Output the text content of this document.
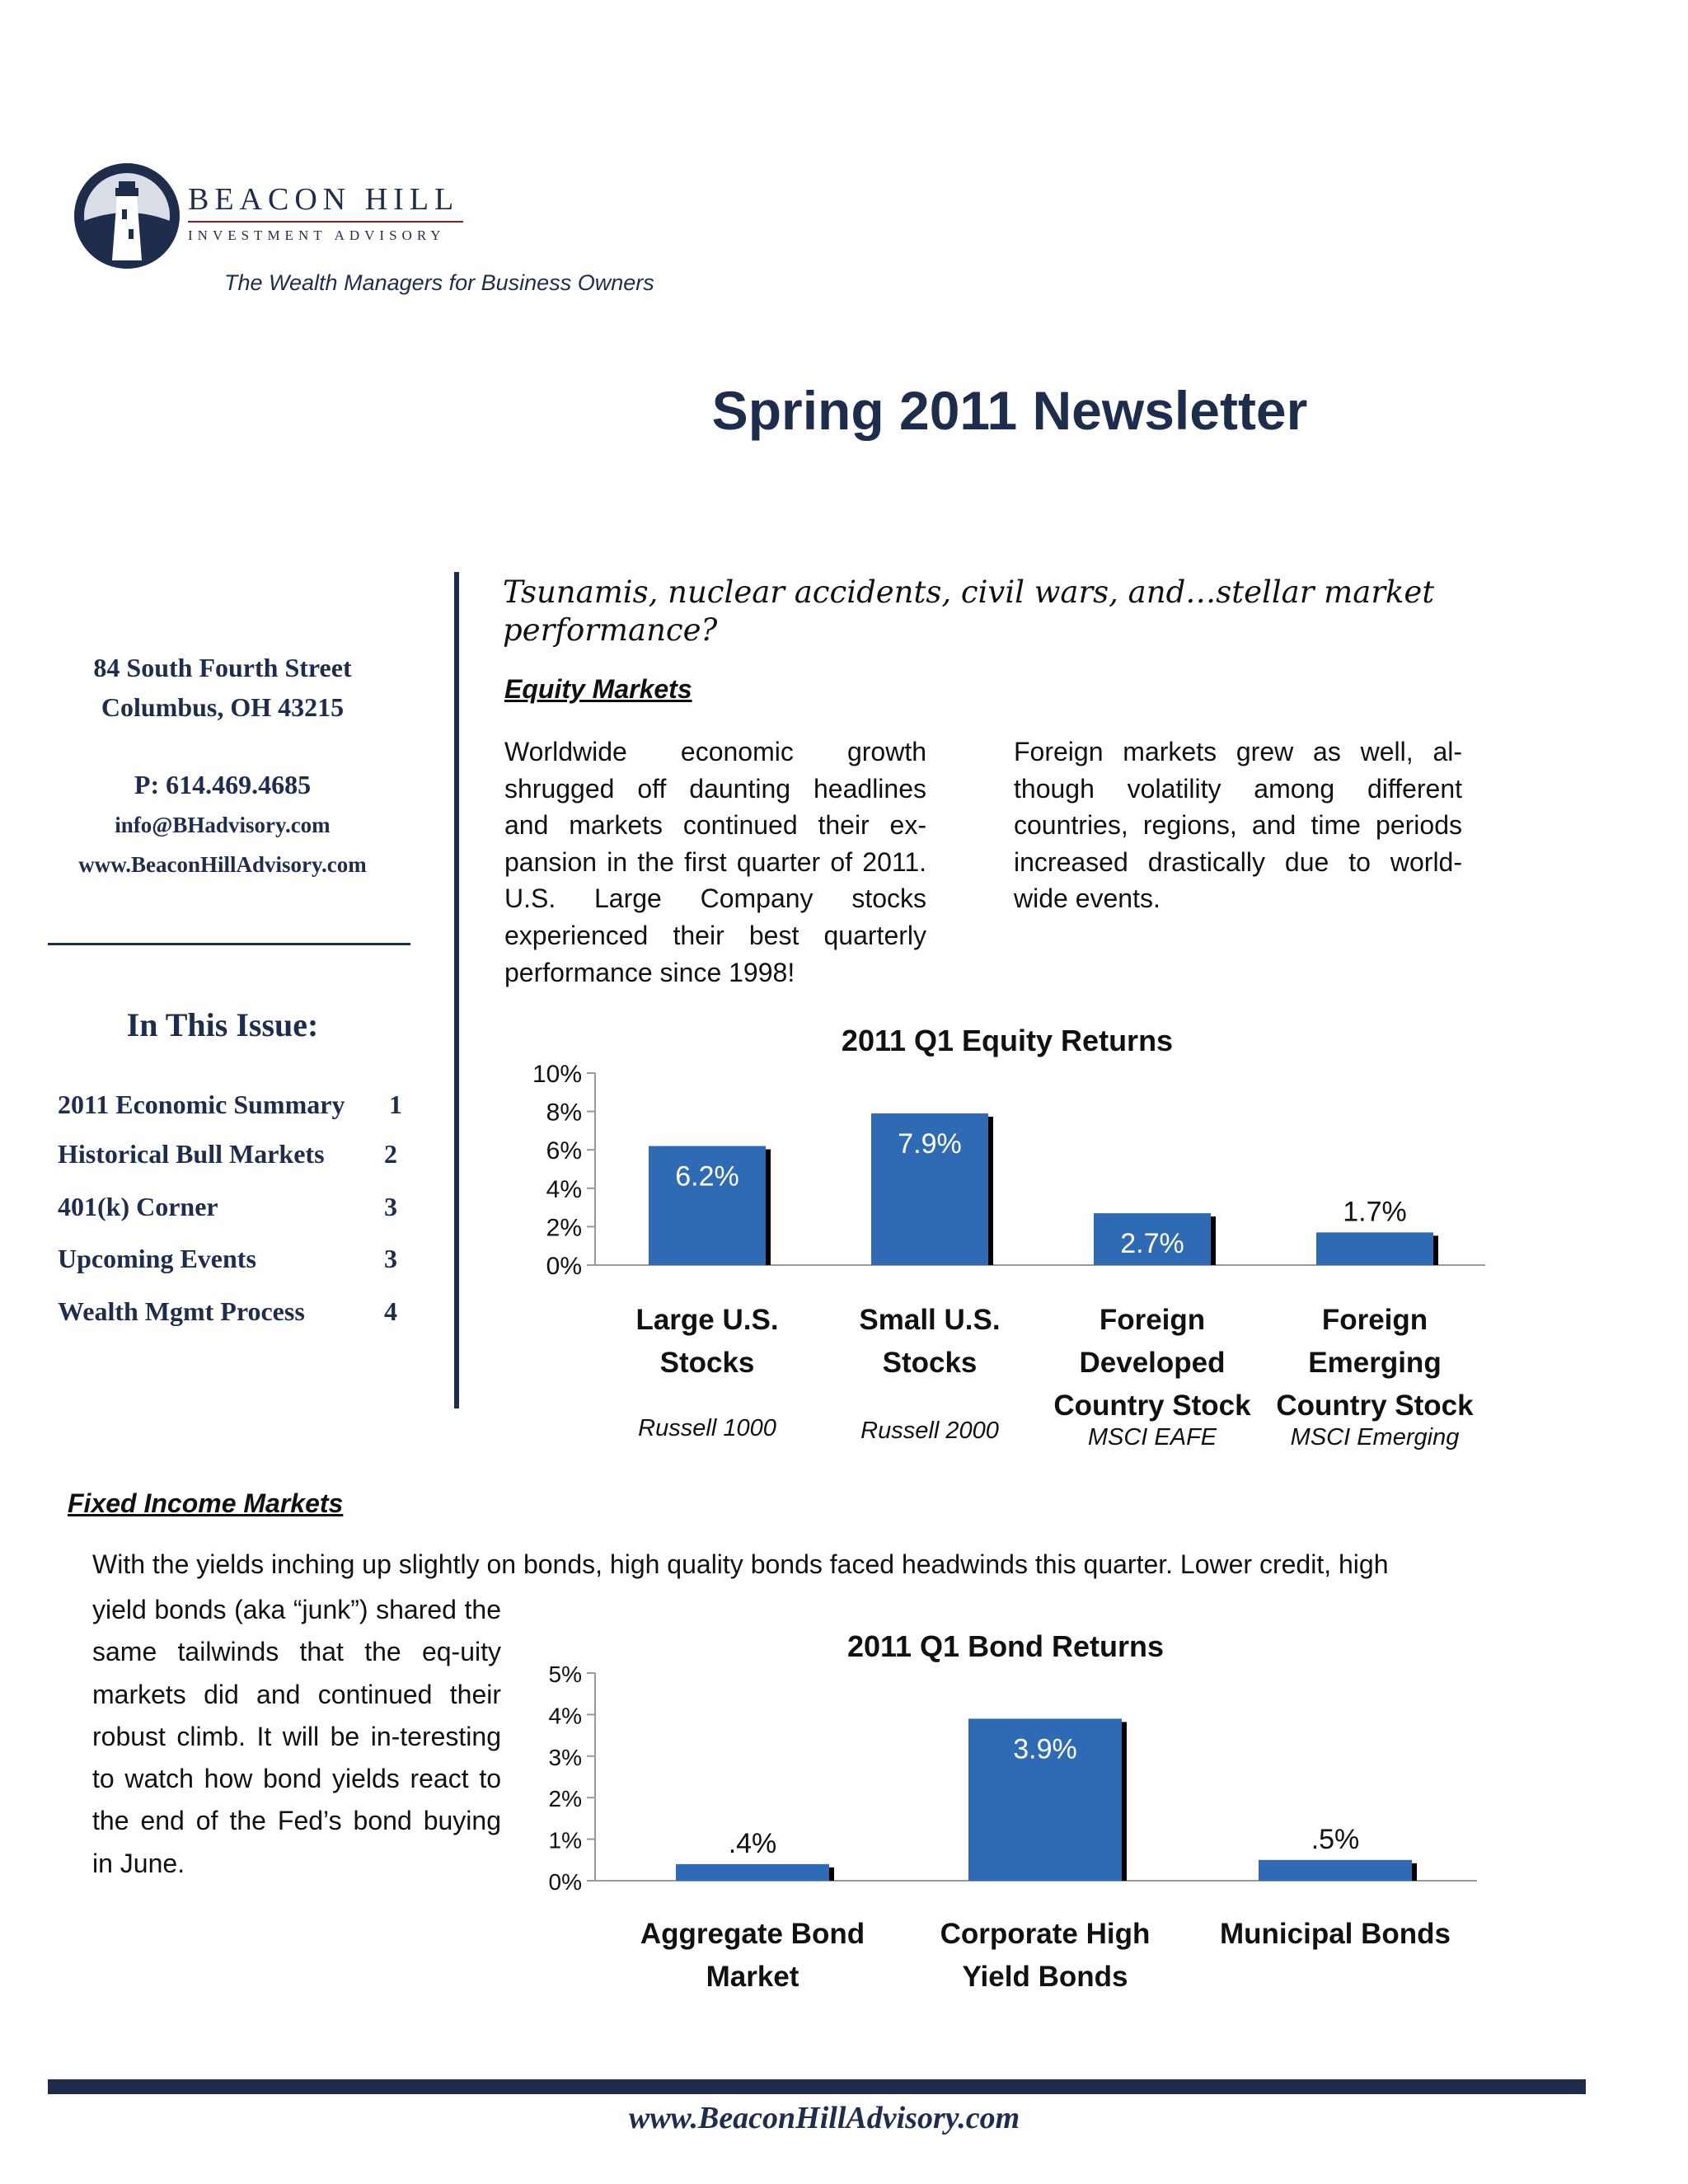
BEACON HILL
INVESTMENT ADVISORY
The Wealth Managers for Business Owners
Spring 2011 Newsletter
84 South Fourth Street
Columbus, OH 43215
P: 614.469.4685
info@BHadvisory.com
www.BeaconHillAdvisory.com
In This Issue:
2011 Economic Summary	1
Historical Bull Markets	2
401(k) Corner	3
Upcoming Events	3
Wealth Mgmt Process	4
Tsunamis, nuclear accidents, civil wars, and…stellar market performance?
Equity Markets
Worldwide economic growth shrugged off daunting headlines and markets continued their ex-pansion in the first quarter of 2011. U.S. Large Company stocks experienced their best quarterly performance since 1998!
Foreign markets grew as well, al-though volatility among different countries, regions, and time periods increased drastically due to world-wide events.
2011 Q1 Equity Returns
0%
2%
4%
6%
8%
10%
6.2%
Large U.S.
Stocks
Russell 1000
7.9%
Small U.S.
Stocks
Russell 2000
2.7%
Foreign
Developed
Country Stock
MSCI EAFE
1.7%
Foreign
Emerging
Country Stock
MSCI Emerging
Fixed Income Markets
With the yields inching up slightly on bonds, high quality bonds faced headwinds this quarter. Lower credit, high
yield bonds (aka “junk”) shared the same tailwinds that the eq-uity markets did and continued their robust climb. It will be in-teresting to watch how bond yields react to the end of the Fed’s bond buying in June.
2011 Q1 Bond Returns
0%
1%
2%
3%
4%
5%
.4%
Aggregate Bond
Market
3.9%
Corporate High
Yield Bonds
.5%
Municipal Bonds
www.BeaconHillAdvisory.com
